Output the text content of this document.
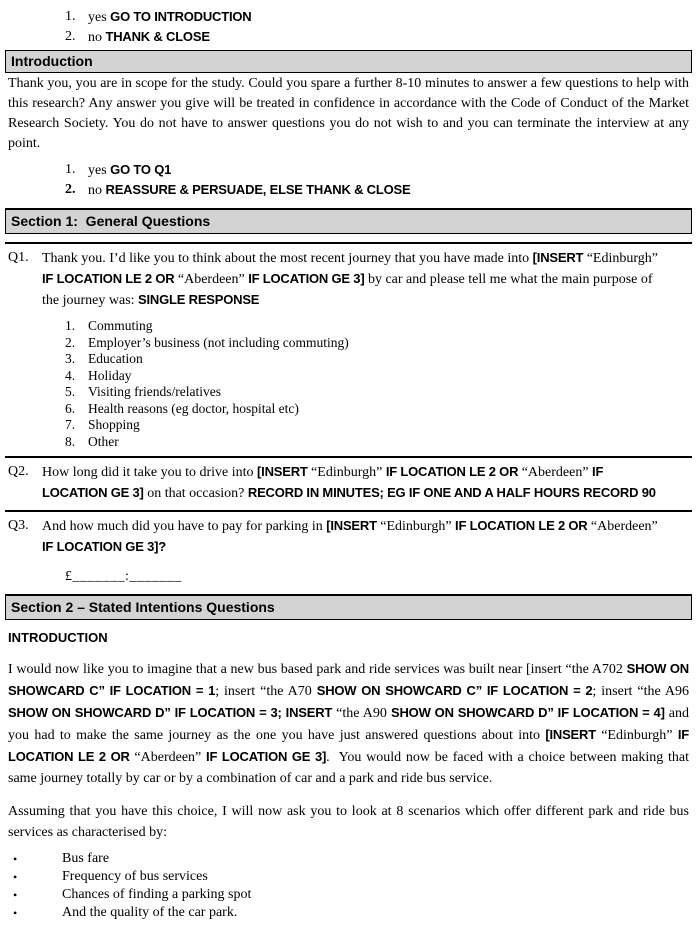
1. yes GO TO INTRODUCTION
2. no THANK & CLOSE
Introduction

Thank you, you are in scope for the study. Could you spare a further 8-10 minutes to answer a few questions to help with this research? Any answer you give will be treated in confidence in accordance with the Code of Conduct of the Market Research Society. You do not have to answer questions you do not wish to and you can terminate the interview at any point.

1. yes GO TO Q1
2. no REASSURE & PERSUADE, ELSE THANK & CLOSE
Section 1:  General Questions
Q1. Thank you. I’d like you to think about the most recent journey that you have made into [INSERT “Edinburgh” IF LOCATION LE 2 OR “Aberdeen” IF LOCATION GE 3] by car and please tell me what the main purpose of the journey was: SINGLE RESPONSE
1. Commuting
2. Employer’s business (not including commuting)
3. Education
4. Holiday
5. Visiting friends/relatives
6. Health reasons (eg doctor, hospital etc)
7. Shopping
8. Other
Q2. How long did it take you to drive into [INSERT “Edinburgh” IF LOCATION LE 2 OR “Aberdeen” IF LOCATION GE 3] on that occasion? RECORD IN MINUTES; EG IF ONE AND A HALF HOURS RECORD 90
Q3. And how much did you have to pay for parking in [INSERT “Edinburgh” IF LOCATION LE 2 OR “Aberdeen” IF LOCATION GE 3]?
£_______:_______
Section 2 – Stated Intentions Questions
INTRODUCTION

I would now like you to imagine that a new bus based park and ride services was built near [insert “the A702 SHOW ON SHOWCARD C” IF LOCATION = 1; insert “the A70 SHOW ON SHOWCARD C” IF LOCATION = 2; insert “the A96 SHOW ON SHOWCARD D” IF LOCATION = 3; INSERT “the A90 SHOW ON SHOWCARD D” IF LOCATION = 4] and you had to make the same journey as the one you have just answered questions about into [INSERT “Edinburgh” IF LOCATION LE 2 OR “Aberdeen” IF LOCATION GE 3].  You would now be faced with a choice between making that same journey totally by car or by a combination of car and a park and ride bus service.

Assuming that you have this choice, I will now ask you to look at 8 scenarios which offer different park and ride bus services as characterised by:

•	Bus fare
•	Frequency of bus services
•	Chances of finding a parking spot
•	And the quality of the car park.
